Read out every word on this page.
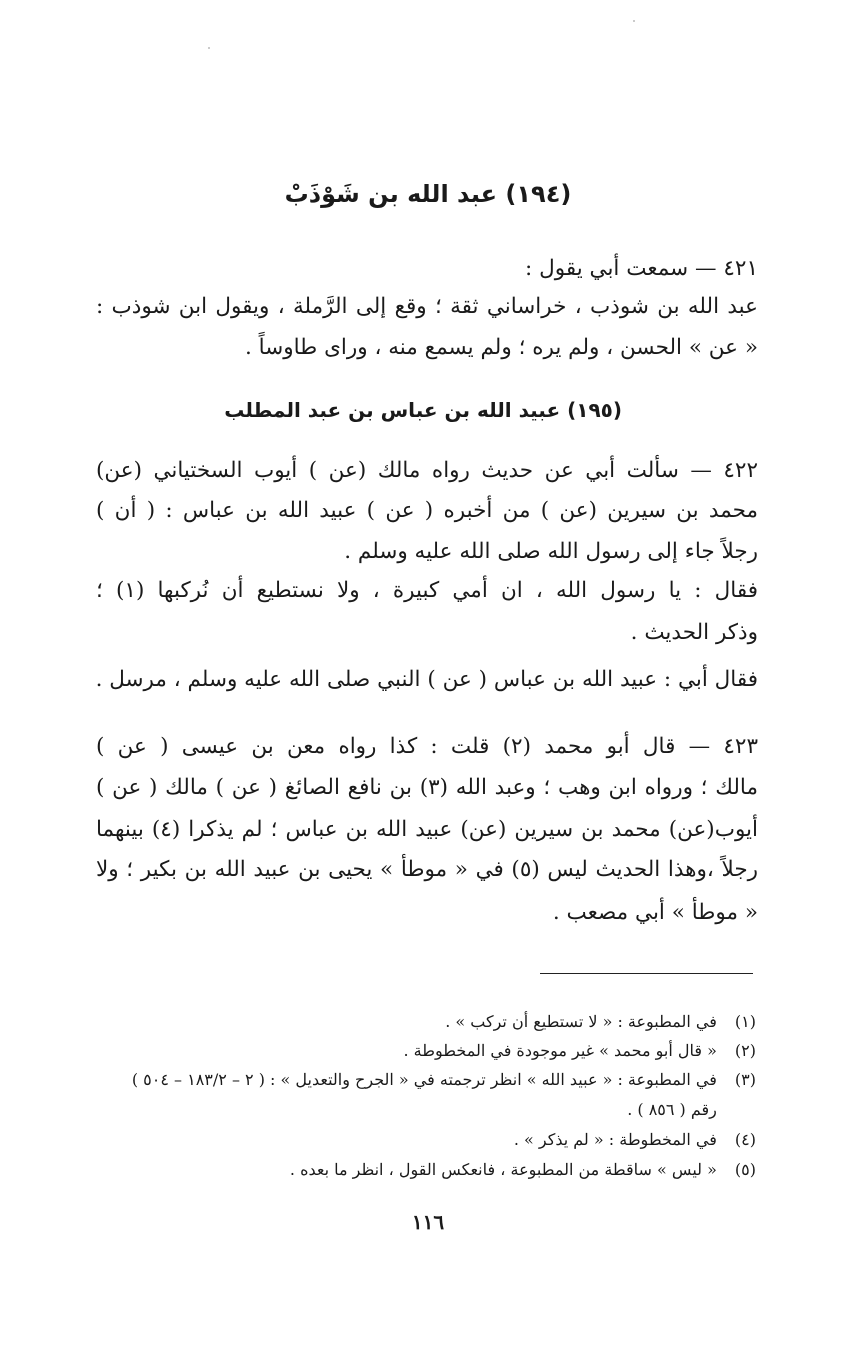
(١٩٤) عبد الله بن شَوْذَبْ
٤٢١ — سمعت أبي يقول :
عبد الله بن شوذب ، خراساني ثقة ؛ وقع إلى الرَّملة ، ويقول ابن شوذب :
« عن » الحسن ، ولم يره ؛ ولم يسمع منه ، وراى طاوساً .
(١٩٥) عبيد الله بن عباس بن عبد المطلب
٤٢٢ — سألت أبي عن حديث رواه مالك (عن ) أيوب السختياني (عن)
محمد بن سيرين (عن ) من أخبره ( عن ) عبيد الله بن عباس : ( أن )
رجلاً جاء إلى رسول الله صلى الله عليه وسلم .
فقال : يا رسول الله ، ان أمي كبيرة ، ولا نستطيع أن نُركبها (١) ؛
وذكر الحديث .
فقال أبي : عبيد الله بن عباس ( عن ) النبي صلى الله عليه وسلم ، مرسل .
٤٢٣ — قال أبو محمد (٢) قلت : كذا رواه معن بن عيسى ( عن )
مالك ؛ ورواه ابن وهب ؛ وعبد الله (٣) بن نافع الصائغ ( عن ) مالك ( عن )
أيوب(عن) محمد بن سيرين (عن) عبيد الله بن عباس ؛ لم يذكرا (٤) بينهما
رجلاً ،وهذا الحديث ليس (٥) في « موطأ » يحيى بن عبيد الله بن بكير ؛ ولا
« موطأ » أبي مصعب .
(١) في المطبوعة : « لا تستطيع أن تركب » .
(٢) « قال أبو محمد » غير موجودة في المخطوطة .
(٣) في المطبوعة : « عبيد الله » انظر ترجمته في « الجرح والتعديل » : ( ٢ – ١٨٣/٢ – ٥٠٤ )
رقم ( ٨٥٦ ) .
(٤) في المخطوطة : « لم يذكر » .
(٥) « ليس » ساقطة من المطبوعة ، فانعكس القول ، انظر ما بعده .
١١٦
